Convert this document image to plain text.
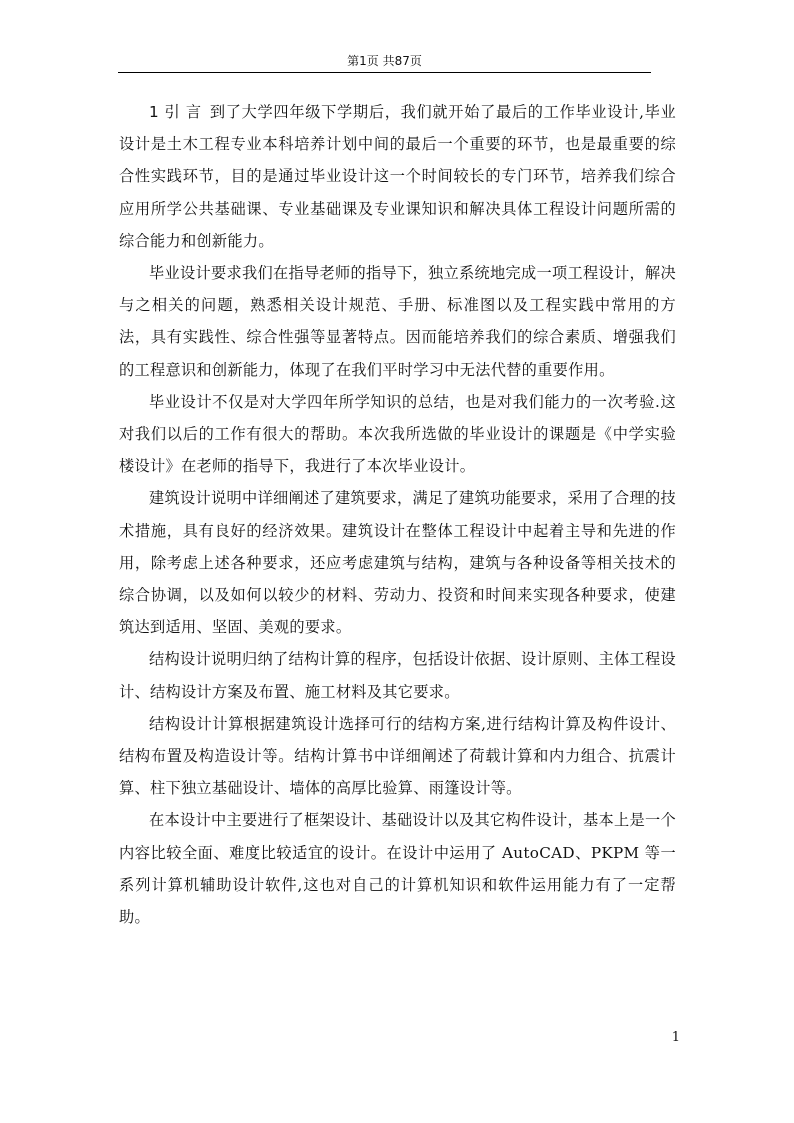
第1页 共87页

1 引 言 到了大学四年级下学期后，我们就开始了最后的工作毕业设计,毕业设计是土木工程专业本科培养计划中间的最后一个重要的环节，也是最重要的综合性实践环节，目的是通过毕业设计这一个时间较长的专门环节，培养我们综合应用所学公共基础课、专业基础课及专业课知识和解决具体工程设计问题所需的综合能力和创新能力。

毕业设计要求我们在指导老师的指导下，独立系统地完成一项工程设计，解决与之相关的问题，熟悉相关设计规范、手册、标准图以及工程实践中常用的方法，具有实践性、综合性强等显著特点。因而能培养我们的综合素质、增强我们的工程意识和创新能力，体现了在我们平时学习中无法代替的重要作用。

毕业设计不仅是对大学四年所学知识的总结，也是对我们能力的一次考验.这对我们以后的工作有很大的帮助。本次我所选做的毕业设计的课题是《中学实验楼设计》在老师的指导下，我进行了本次毕业设计。

建筑设计说明中详细阐述了建筑要求，满足了建筑功能要求，采用了合理的技术措施，具有良好的经济效果。建筑设计在整体工程设计中起着主导和先进的作用，除考虑上述各种要求，还应考虑建筑与结构，建筑与各种设备等相关技术的综合协调，以及如何以较少的材料、劳动力、投资和时间来实现各种要求，使建筑达到适用、坚固、美观的要求。

结构设计说明归纳了结构计算的程序，包括设计依据、设计原则、主体工程设计、结构设计方案及布置、施工材料及其它要求。

结构设计计算根据建筑设计选择可行的结构方案,进行结构计算及构件设计、结构布置及构造设计等。结构计算书中详细阐述了荷载计算和内力组合、抗震计算、柱下独立基础设计、墙体的高厚比验算、雨篷设计等。

在本设计中主要进行了框架设计、基础设计以及其它构件设计，基本上是一个内容比较全面、难度比较适宜的设计。在设计中运用了 AutoCAD、PKPM 等一系列计算机辅助设计软件,这也对自己的计算机知识和软件运用能力有了一定帮助。

1
